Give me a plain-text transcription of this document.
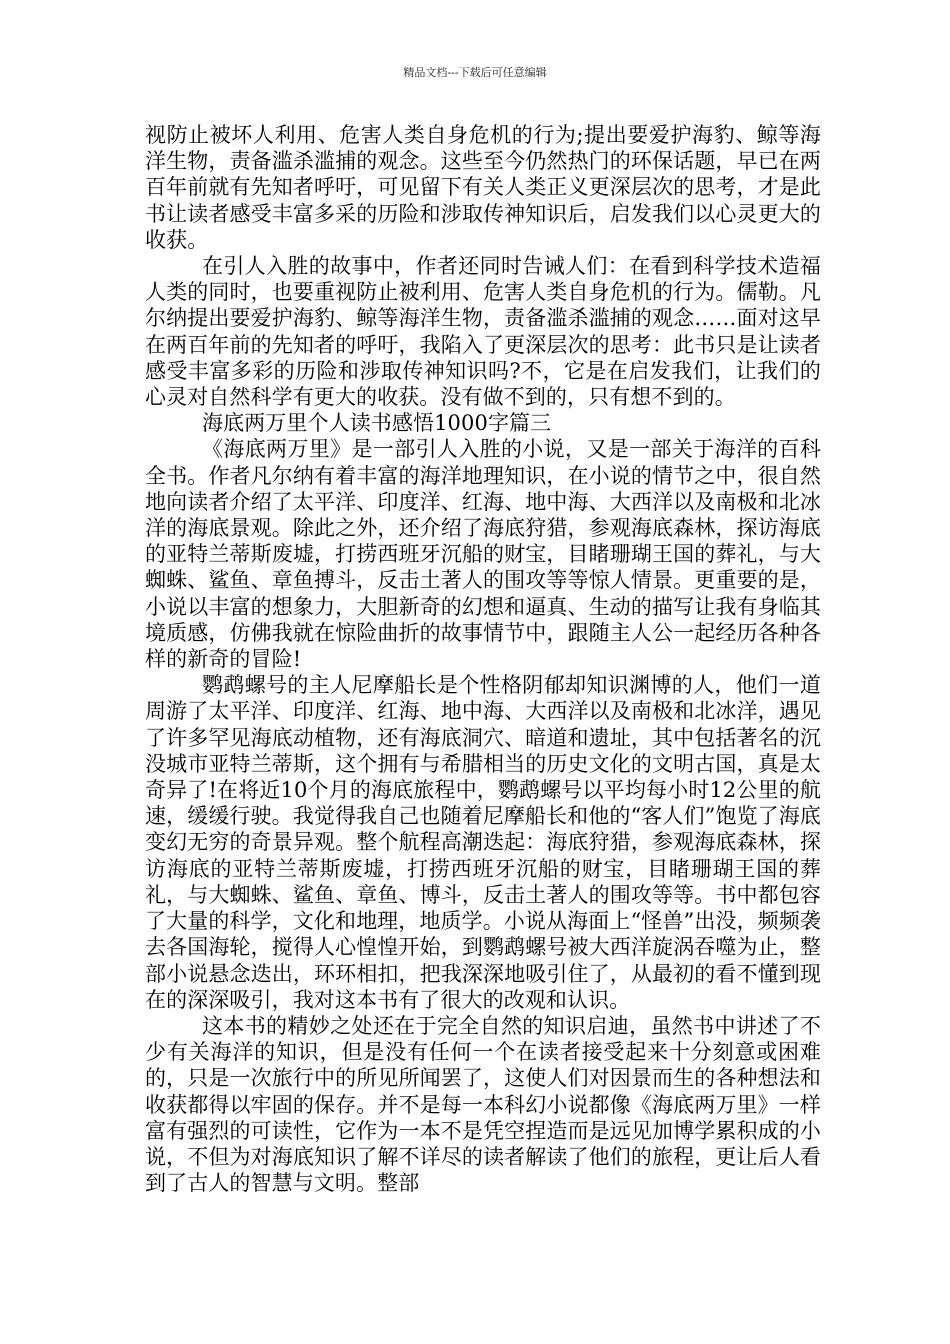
精品文档---下载后可任意编辑

视防止被坏人利用、危害人类自身危机的行为;提出要爱护海豹、鲸等海洋生物，责备滥杀滥捕的观念。这些至今仍然热门的环保话题，早已在两百年前就有先知者呼吁，可见留下有关人类正义更深层次的思考，才是此书让读者感受丰富多采的历险和涉取传神知识后，启发我们以心灵更大的收获。

在引人入胜的故事中，作者还同时告诫人们：在看到科学技术造福人类的同时，也要重视防止被利用、危害人类自身危机的行为。儒勒。凡尔纳提出要爱护海豹、鲸等海洋生物，责备滥杀滥捕的观念……面对这早在两百年前的先知者的呼吁，我陷入了更深层次的思考：此书只是让读者感受丰富多彩的历险和涉取传神知识吗?不，它是在启发我们，让我们的心灵对自然科学有更大的收获。没有做不到的，只有想不到的。

海底两万里个人读书感悟1000字篇三

《海底两万里》是一部引人入胜的小说，又是一部关于海洋的百科全书。作者凡尔纳有着丰富的海洋地理知识，在小说的情节之中，很自然地向读者介绍了太平洋、印度洋、红海、地中海、大西洋以及南极和北冰洋的海底景观。除此之外，还介绍了海底狩猎，参观海底森林，探访海底的亚特兰蒂斯废墟，打捞西班牙沉船的财宝，目睹珊瑚王国的葬礼，与大蜘蛛、鲨鱼、章鱼搏斗，反击土著人的围攻等等惊人情景。更重要的是，小说以丰富的想象力，大胆新奇的幻想和逼真、生动的描写让我有身临其境质感，仿佛我就在惊险曲折的故事情节中，跟随主人公一起经历各种各样的新奇的冒险!

鹦鹉螺号的主人尼摩船长是个性格阴郁却知识渊博的人，他们一道周游了太平洋、印度洋、红海、地中海、大西洋以及南极和北冰洋，遇见了许多罕见海底动植物，还有海底洞穴、暗道和遗址，其中包括著名的沉没城市亚特兰蒂斯，这个拥有与希腊相当的历史文化的文明古国，真是太奇异了!在将近10个月的海底旅程中，鹦鹉螺号以平均每小时12公里的航速，缓缓行驶。我觉得我自己也随着尼摩船长和他的“客人们”饱览了海底变幻无穷的奇景异观。整个航程高潮迭起：海底狩猎，参观海底森林，探访海底的亚特兰蒂斯废墟，打捞西班牙沉船的财宝，目睹珊瑚王国的葬礼，与大蜘蛛、鲨鱼、章鱼、博斗，反击土著人的围攻等等。书中都包容了大量的科学，文化和地理，地质学。小说从海面上“怪兽”出没，频频袭去各国海轮，搅得人心惶惶开始，到鹦鹉螺号被大西洋旋涡吞噬为止，整部小说悬念迭出，环环相扣，把我深深地吸引住了，从最初的看不懂到现在的深深吸引，我对这本书有了很大的改观和认识。

这本书的精妙之处还在于完全自然的知识启迪，虽然书中讲述了不少有关海洋的知识，但是没有任何一个在读者接受起来十分刻意或困难的，只是一次旅行中的所见所闻罢了，这使人们对因景而生的各种想法和收获都得以牢固的保存。并不是每一本科幻小说都像《海底两万里》一样富有强烈的可读性，它作为一本不是凭空捏造而是远见加博学累积成的小说，不但为对海底知识了解不详尽的读者解读了他们的旅程，更让后人看到了古人的智慧与文明。整部
